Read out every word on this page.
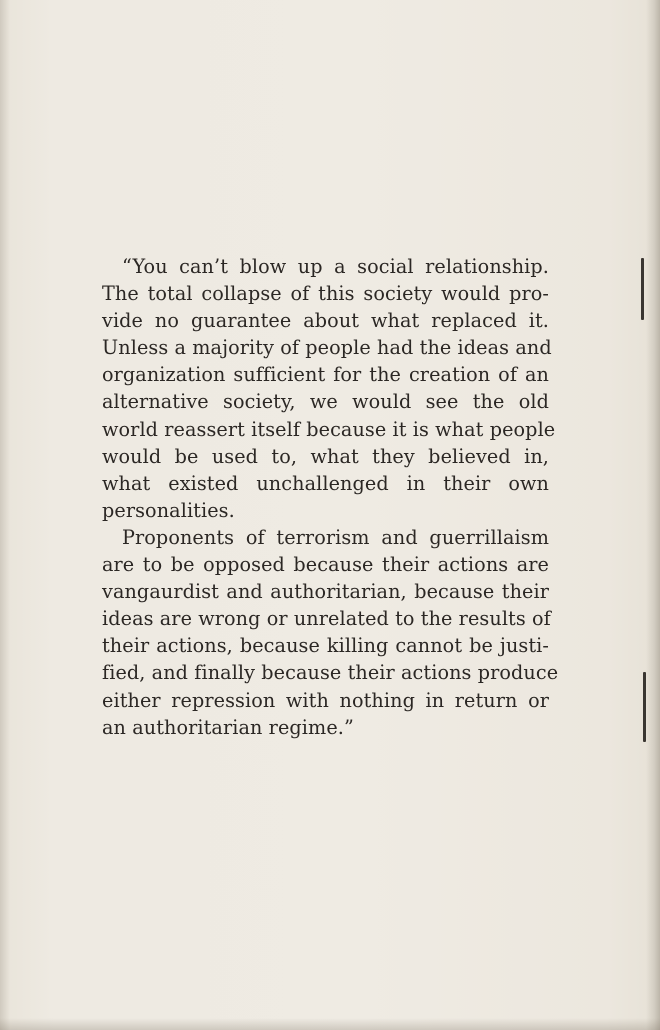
“You can’t blow up a social relationship.
The total collapse of this society would pro-
vide no guarantee about what replaced it.
Unless a majority of people had the ideas and
organization sufficient for the creation of an
alternative society, we would see the old
world reassert itself because it is what people
would be used to, what they believed in,
what existed unchallenged in their own
personalities.
Proponents of terrorism and guerrillaism
are to be opposed because their actions are
vangaurdist and authoritarian, because their
ideas are wrong or unrelated to the results of
their actions, because killing cannot be justi-
fied, and finally because their actions produce
either repression with nothing in return or
an authoritarian regime.”
